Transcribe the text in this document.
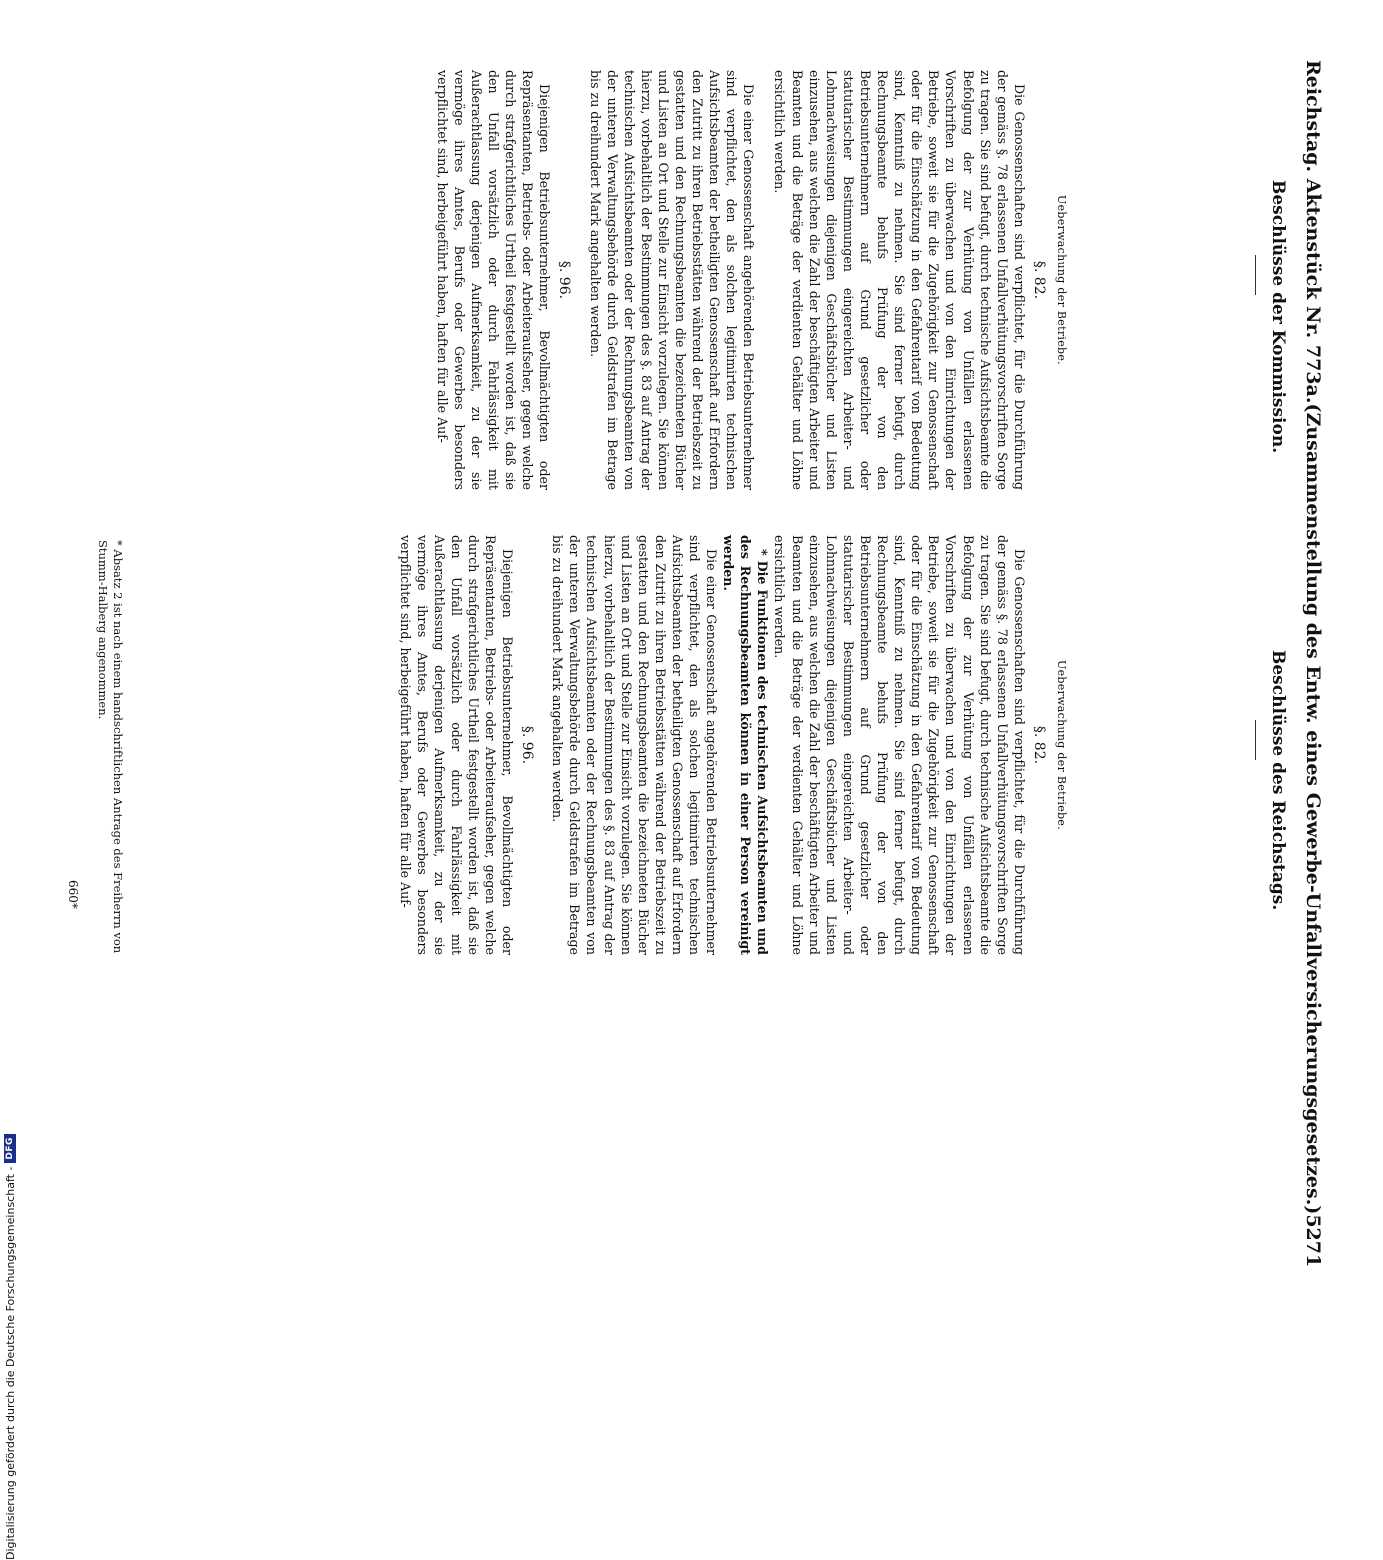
Reichstag. Aktenstück Nr. 773a.
(Zusammenstellung des Entw. eines Gewerbe-Unfallversicherungsgesetzes.)
5271
Beschlüsse der Kommission.
Beschlüsse des Reichstags.

Ueberwachung der Betriebe.

§. 82.

Die Genossenschaften sind verpflichtet, für die Durchführung der gemäss §. 78 erlassenen Unfallverhütungsvorschriften Sorge zu tragen. Sie sind befugt, durch technische Aufsichtsbeamte die Befolgung der zur Verhütung von Unfällen erlassenen Vorschriften zu überwachen und von den Einrichtungen der Betriebe, soweit sie für die Zugehörigkeit zur Genossenschaft oder für die Einschätzung in den Gefahrentarif von Bedeutung sind, Kenntniß zu nehmen. Sie sind ferner befugt, durch Rechnungsbeamte behufs Prüfung der von den Betriebsunternehmern auf Grund gesetzlicher oder statutarischer Bestimmungen eingereichten Arbeiter- und Lohnnachweisungen diejenigen Geschäftsbücher und Listen einzusehen, aus welchen die Zahl der beschäftigten Arbeiter und Beamten und die Beträge der verdienten Gehälter und Löhne ersichtlich werden.

Die einer Genossenschaft angehörenden Betriebsunternehmer sind verpflichtet, den als solchen legitimirten technischen Aufsichtsbeamten der betheiligten Genossenschaft auf Erfordern den Zutritt zu ihren Betriebsstätten während der Betriebszeit zu gestatten und den Rechnungsbeamten die bezeichneten Bücher und Listen an Ort und Stelle zur Einsicht vorzulegen. Sie können hierzu, vorbehaltlich der Bestimmungen des §. 83 auf Antrag der technischen Aufsichtsbeamten oder der Rechnungsbeamten von der unteren Verwaltungsbehörde durch Geldstrafen im Betrage bis zu dreihundert Mark angehalten werden.

§. 96.

Diejenigen Betriebsunternehmer, Bevollmächtigten oder Repräsentanten, Betriebs- oder Arbeiteraufseher, gegen welche durch strafgerichtliches Urtheil festgestellt worden ist, daß sie den Unfall vorsätzlich oder durch Fahrlässigkeit mit Außerachtlassung derjenigen Aufmerksamkeit, zu der sie vermöge ihres Amtes, Berufs oder Gewerbes besonders verpflichtet sind, herbeigeführt haben, haften für alle Auf-

Ueberwachung der Betriebe.

§. 82.

Die Genossenschaften sind verpflichtet, für die Durchführung der gemäss §. 78 erlassenen Unfallverhütungsvorschriften Sorge zu tragen. Sie sind befugt, durch technische Aufsichtsbeamte die Befolgung der zur Verhütung von Unfällen erlassenen Vorschriften zu überwachen und von den Einrichtungen der Betriebe, soweit sie für die Zugehörigkeit zur Genossenschaft oder für die Einschätzung in den Gefahrentarif von Bedeutung sind, Kenntniß zu nehmen. Sie sind ferner befugt, durch Rechnungsbeamte behufs Prüfung der von den Betriebsunternehmern auf Grund gesetzlicher oder statutarischer Bestimmungen eingereichten Arbeiter- und Lohnnachweisungen diejenigen Geschäftsbücher und Listen einzusehen, aus welchen die Zahl der beschäftigten Arbeiter und Beamten und die Beträge der verdienten Gehälter und Löhne ersichtlich werden.

* Die Funktionen des technischen Aufsichtsbeamten und des Rechnungsbeamten können in einer Person vereinigt werden.

Die einer Genossenschaft angehörenden Betriebsunternehmer sind verpflichtet, den als solchen legitimirten technischen Aufsichtsbeamten der betheiligten Genossenschaft auf Erfordern den Zutritt zu ihren Betriebsstätten während der Betriebszeit zu gestatten und den Rechnungsbeamten die bezeichneten Bücher und Listen an Ort und Stelle zur Einsicht vorzulegen. Sie können hierzu, vorbehaltlich der Bestimmungen des §. 83 auf Antrag der technischen Aufsichtsbeamten oder der Rechnungsbeamten von der unteren Verwaltungsbehörde durch Geldstrafen im Betrage bis zu dreihundert Mark angehalten werden.

§. 96.

Diejenigen Betriebsunternehmer, Bevollmächtigten oder Repräsentanten, Betriebs- oder Arbeiteraufseher, gegen welche durch strafgerichtliches Urtheil festgestellt worden ist, daß sie den Unfall vorsätzlich oder durch Fahrlässigkeit mit Außerachtlassung derjenigen Aufmerksamkeit, zu der sie vermöge ihres Amtes, Berufs oder Gewerbes besonders verpflichtet sind, herbeigeführt haben, haften für alle Auf-

* Absatz 2 ist nach einem handschriftlichen Antrage des Freiherrn von Stumm-Halberg angenommen.
660*
Digitalisierung gefördert durch die Deutsche Forschungsgemeinschaft -
DFG
